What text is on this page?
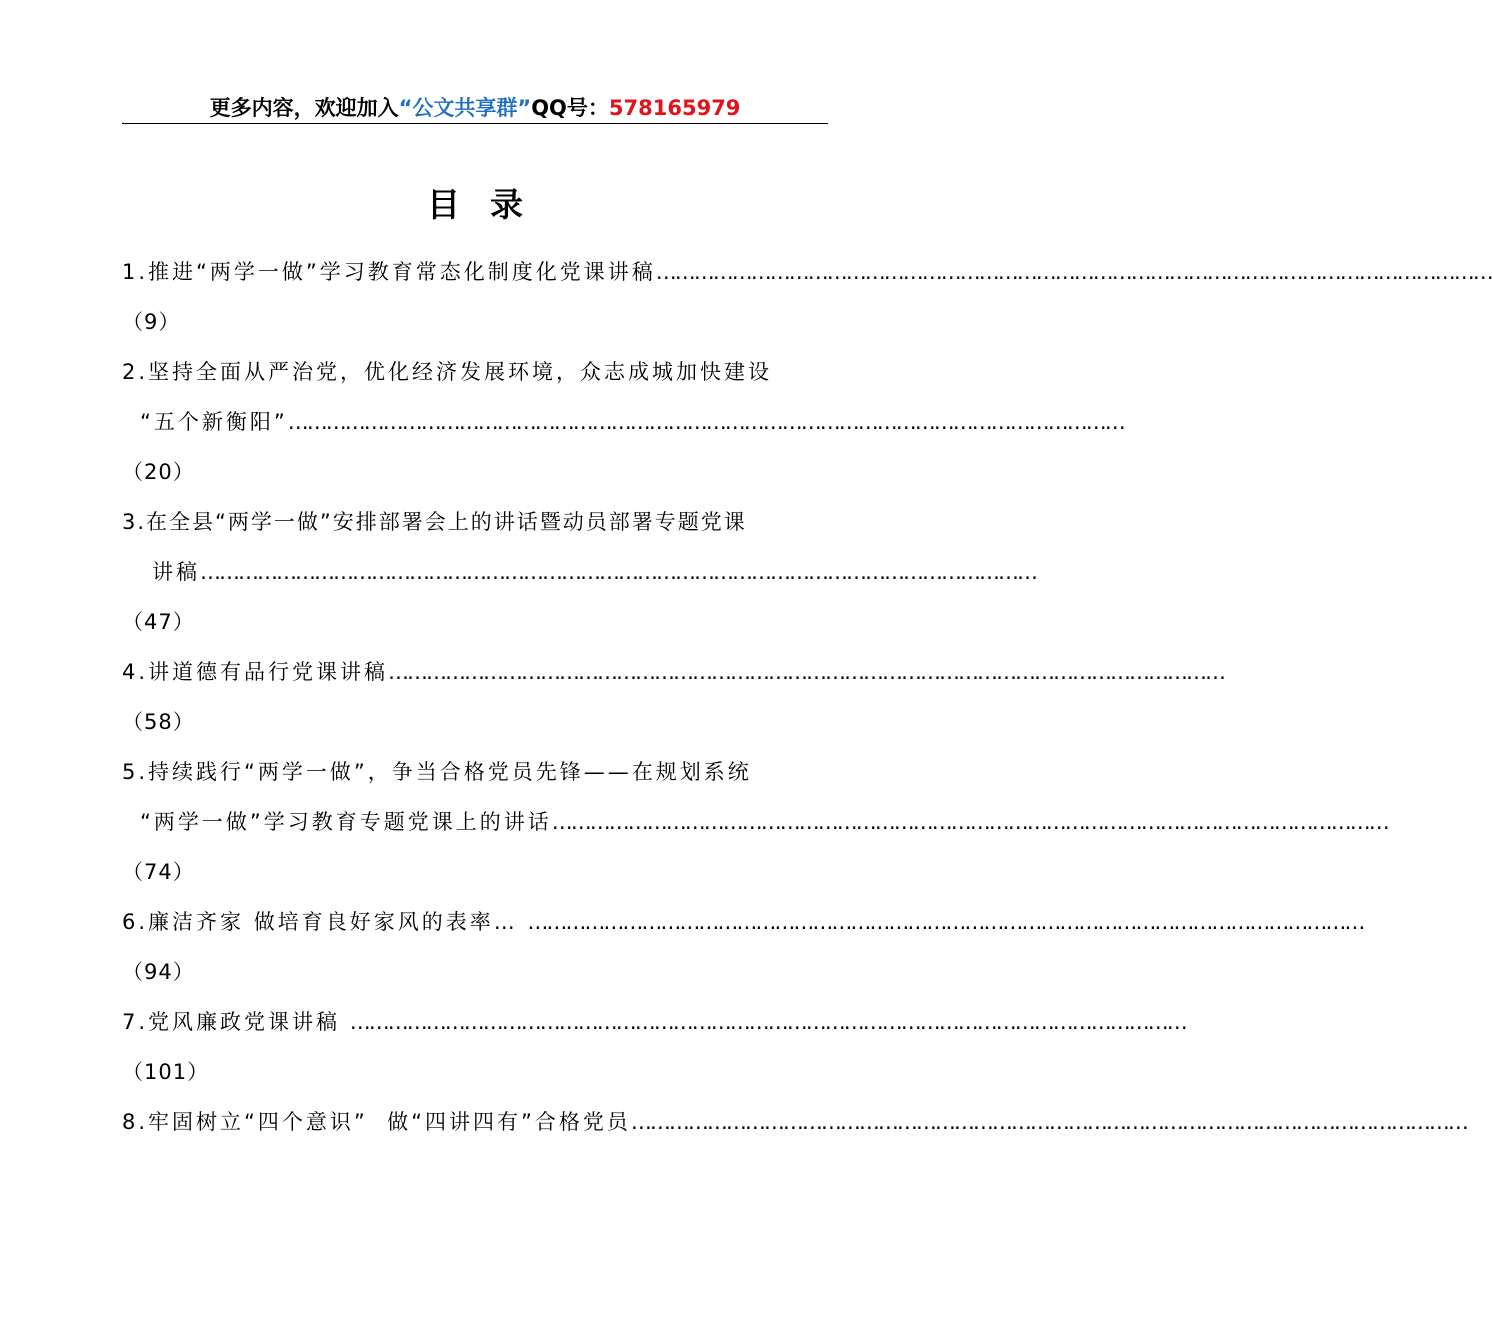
更多内容，欢迎加入“公文共享群”QQ号：578165979
`
目录
1.推进“两学一做”学习教育常态化制度化党课讲稿 ……………………………………………………………………………………………………………………
（9）
2.坚持全面从严治党，优化经济发展环境，众志成城加快建设
“五个新衡阳” ……………………………………………………………………………………………………………………
（20）
3.在全县“两学一做”安排部署会上的讲话暨动员部署专题党课
讲稿 ……………………………………………………………………………………………………………………
（47）
4.讲道德有品行党课讲稿 ……………………………………………………………………………………………………………………
（58）
5.持续践行“两学一做”，争当合格党员先锋——在规划系统
“两学一做”学习教育专题党课上的讲话 ……………………………………………………………………………………………………………………
（74）
6.廉洁齐家 做培育良好家风的表率… ……………………………………………………………………………………………………………………
（94）
7.党风廉政党课讲稿 ……………………………………………………………………………………………………………………
（101）
8.牢固树立“四个意识”  做“四讲四有”合格党员 ……………………………………………………………………………………………………………………
